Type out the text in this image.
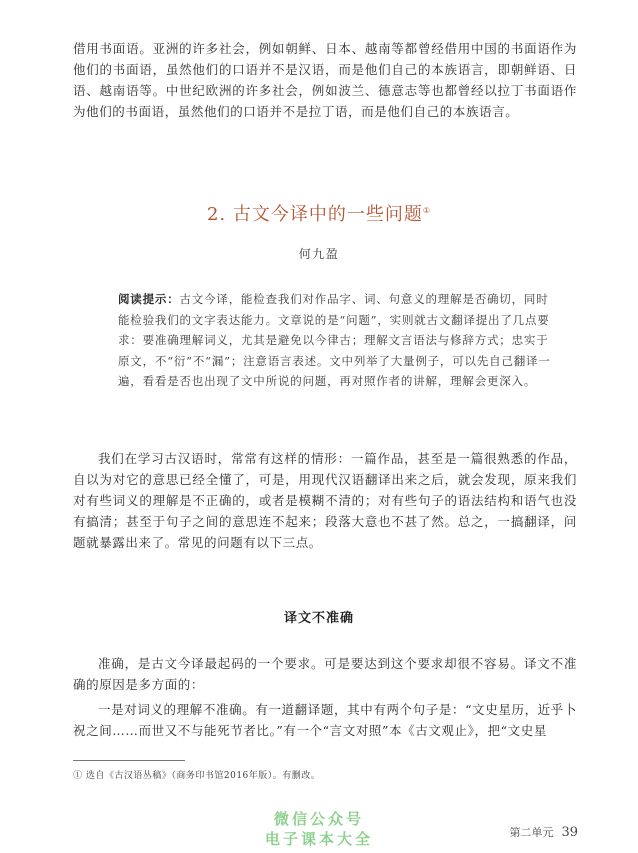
借用书面语。亚洲的许多社会，例如朝鲜、日本、越南等都曾经借用中国的书面语作为他们的书面语，虽然他们的口语并不是汉语，而是他们自己的本族语言，即朝鲜语、日语、越南语等。中世纪欧洲的许多社会，例如波兰、德意志等也都曾经以拉丁书面语作为他们的书面语，虽然他们的口语并不是拉丁语，而是他们自己的本族语言。

2. 古文今译中的一些问题①
何九盈

阅读提示：古文今译，能检查我们对作品字、词、句意义的理解是否确切，同时能检验我们的文字表达能力。文章说的是“问题”，实则就古文翻译提出了几点要求：要准确理解词义，尤其是避免以今律古；理解文言语法与修辞方式；忠实于原文，不“衍”不“漏”；注意语言表述。文中列举了大量例子，可以先自己翻译一遍，看看是否也出现了文中所说的问题，再对照作者的讲解，理解会更深入。

我们在学习古汉语时，常常有这样的情形：一篇作品，甚至是一篇很熟悉的作品，自以为对它的意思已经全懂了，可是，用现代汉语翻译出来之后，就会发现，原来我们对有些词义的理解是不正确的，或者是模糊不清的；对有些句子的语法结构和语气也没有搞清；甚至于句子之间的意思连不起来；段落大意也不甚了然。总之，一搞翻译，问题就暴露出来了。常见的问题有以下三点。

译文不准确

准确，是古文今译最起码的一个要求。可是要达到这个要求却很不容易。译文不准确的原因是多方面的：

一是对词义的理解不准确。有一道翻译题，其中有两个句子是：“文史星历，近乎卜祝之间……而世又不与能死节者比。”有一个“言文对照”本《古文观止》，把“文史星

① 选自《古汉语丛稿》（商务印书馆2016年版）。有删改。
微信公众号
电子课本大全	第二单元 39
